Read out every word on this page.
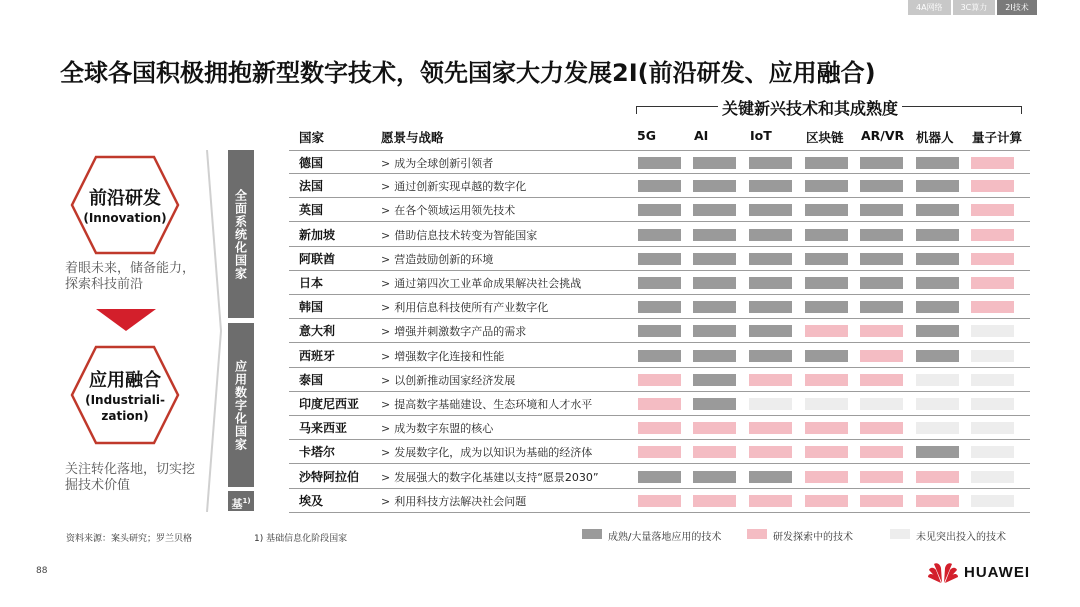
4A网络	3C算力	2I技术
全球各国积极拥抱新型数字技术，领先国家大力发展2I(前沿研发、应用融合)
关键新兴技术和其成熟度
国家	愿景与战略	5G	AI	IoT	区块链 AR/VR 机器人 量子计算
德国	> 成为全球创新引领者
法国	> 通过创新实现卓越的数字化
英国	> 在各个领域运用领先技术
新加坡	> 借助信息技术转变为智能国家
阿联酋	> 营造鼓励创新的环境
日本	> 通过第四次工业革命成果解决社会挑战
韩国	> 利用信息科技使所有产业数字化
意大利	> 增强并刺激数字产品的需求
西班牙	> 增强数字化连接和性能
泰国	> 以创新推动国家经济发展
印度尼西亚 > 提高数字基础建设、生态环境和人才水平
马来西亚	> 成为数字东盟的核心
卡塔尔	> 发展数字化，成为以知识为基础的经济体
沙特阿拉伯 > 发展强大的数字化基建以支持“愿景2030”
埃及	> 利用科技方法解决社会问题
全面系统化国家
应用数字化国家
基$^{1)}$
前沿研发
(Innovation)
着眼未来，储备能力，探索科技前沿
应用融合
(Industriali-
zation)
关注转化落地，切实挖掘技术价值
资料来源：案头研究；罗兰贝格	1) 基础信息化阶段国家	成熟/大量落地应用的技术	研发探索中的技术	未见突出投入的技术
88	HUAWEI
